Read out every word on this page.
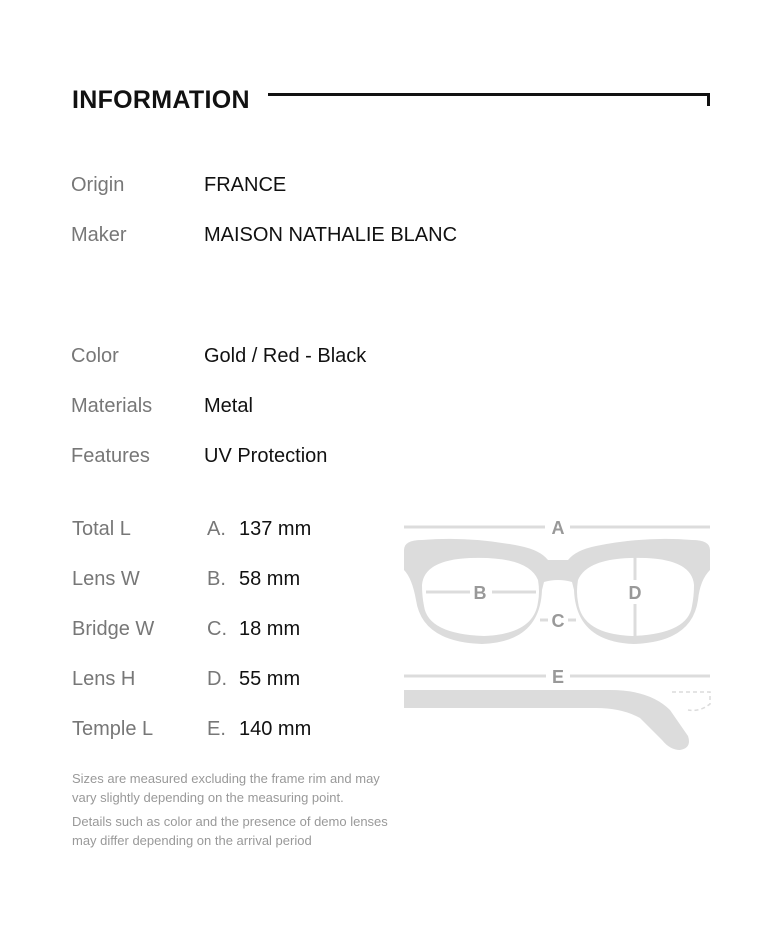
INFORMATION
Origin	FRANCE
Maker	MAISON NATHALIE BLANC
Color	Gold / Red - Black
Materials	Metal
Features	UV Protection
Total L	A. 137 mm
Lens W	B. 58 mm
Bridge W	C. 18 mm
Lens H	D. 55 mm
Temple L	E. 140 mm
A
B
C
D
E
Sizes are measured excluding the frame rim and may vary slightly depending on the measuring point.
Details such as color and the presence of demo lenses may differ depending on the arrival period
